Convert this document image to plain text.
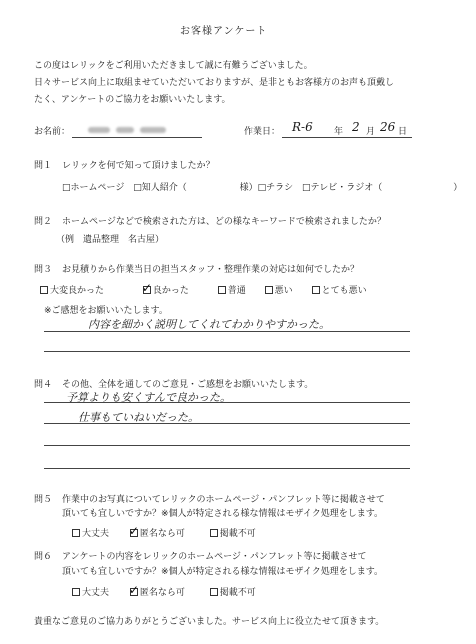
お客様アンケート
この度はレリックをご利用いただきまして誠に有難うございました。
日々サービス向上に取組ませていただいておりますが、是非ともお客様方のお声も頂戴し
たく、アンケートのご協力をお願いいたします。
お名前：	作業日： R-6 年 2 月 26 日
問１ レリックを何で知って頂けましたか？
□ホームページ □知人紹介（	様）□チラシ □テレビ・ラジオ（	）
問２ ホームページなどで検索された方は、どの様なキーワードで検索されましたか？
（例　遺品整理　名古屋）
問３ お見積りから作業当日の担当スタッフ・整理作業の対応は如何でしたか？
大変良かった ✓	良かった	普通	悪い	とても悪い
※ご感想をお願いいたします。
内容を細かく説明してくれてわかりやすかった。
問４ その他、全体を通してのご意見・ご感想をお願いいたします。
予算よりも安くすんで良かった。
仕事もていねいだった。
問５ 作業中のお写真についてレリックのホームページ・パンフレット等に掲載させて
頂いても宜しいですか？※個人が特定される様な情報はモザイク処理をします。
大丈夫 ✓	匿名なら可	掲載不可
問６ アンケートの内容をレリックのホームページ・パンフレット等に掲載させて
頂いても宜しいですか？※個人が特定される様な情報はモザイク処理をします。
大丈夫 ✓	匿名なら可	掲載不可
貴重なご意見のご協力ありがとうございました。サービス向上に役立たせて頂きます。
